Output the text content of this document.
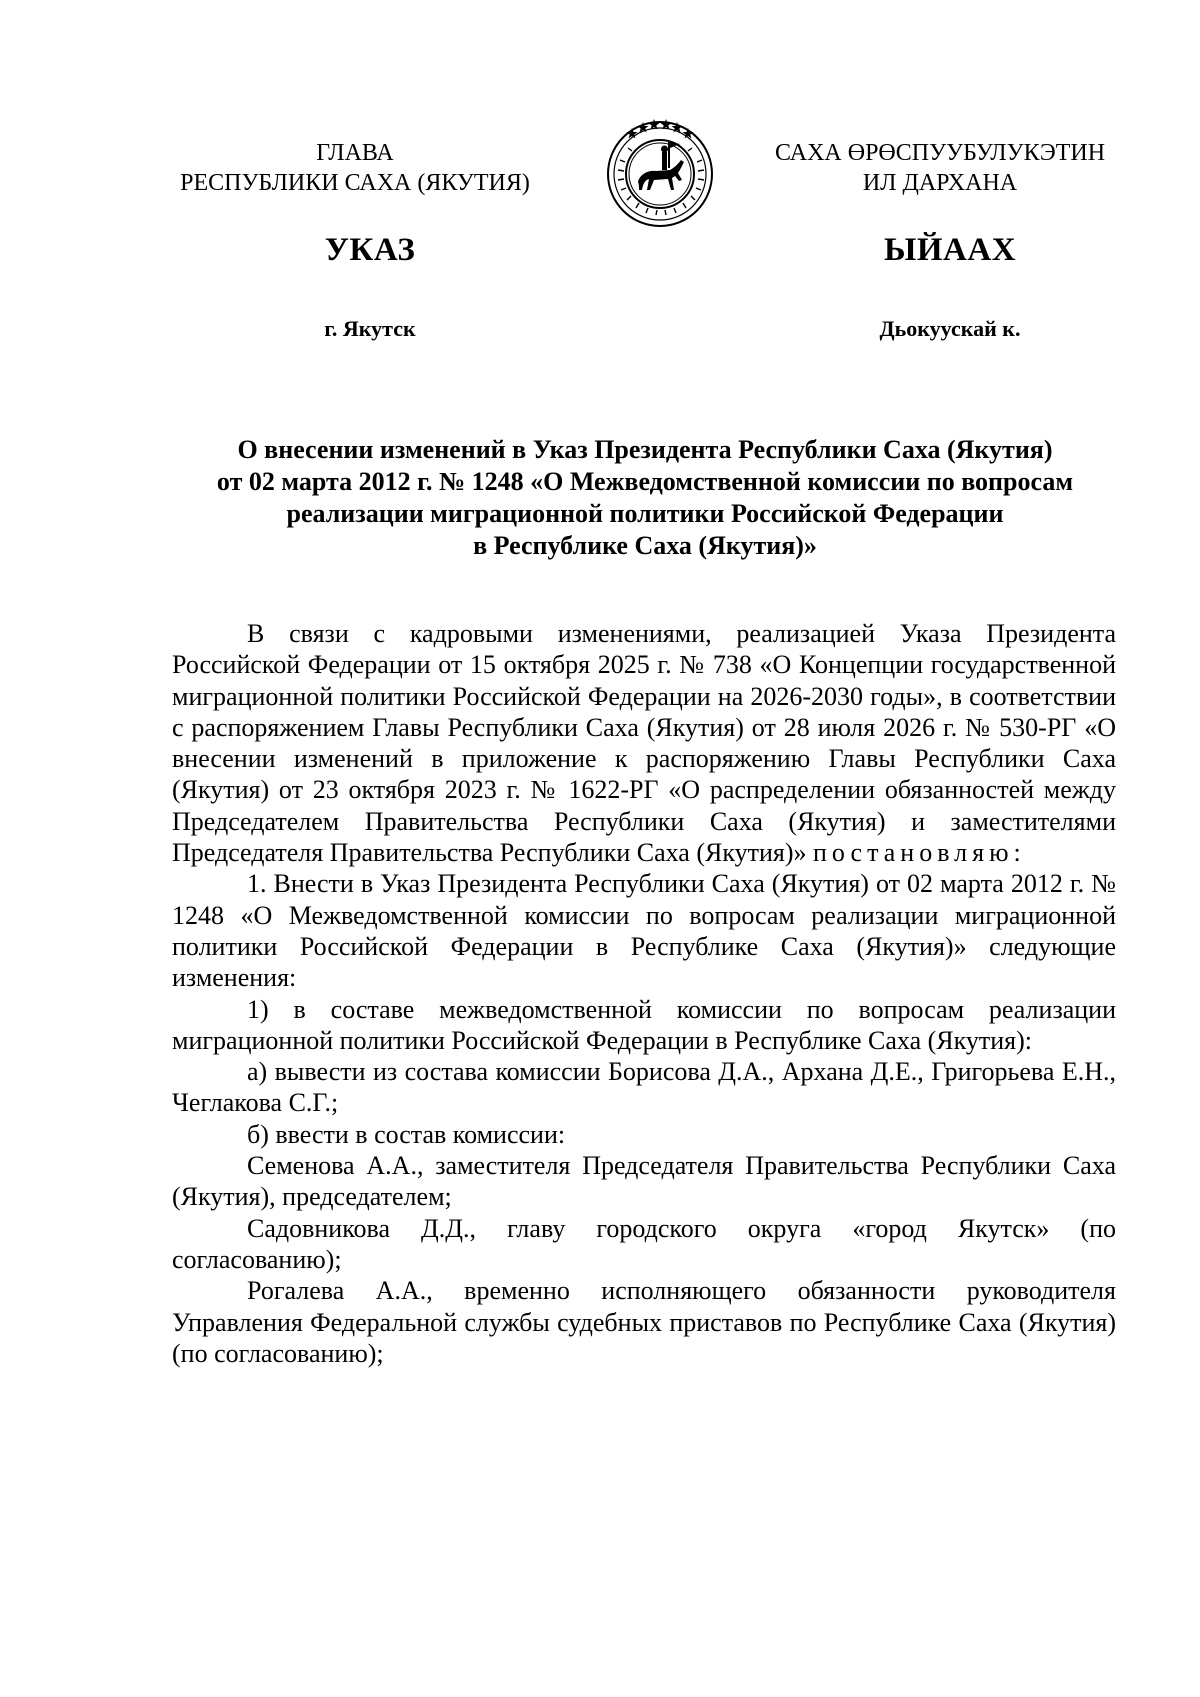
ГЛАВА
РЕСПУБЛИКИ САХА (ЯКУТИЯ)
САХА ӨРӨСПУУБУЛУКЭТИН
ИЛ ДАРХАНА
УКАЗ	ЫЙААХ
г. Якутск	Дьокуускай к.
О внесении изменений в Указ Президента Республики Саха (Якутия)
от 02 марта 2012 г. № 1248 «О Межведомственной комиссии по вопросам
реализации миграционной политики Российской Федерации
в Республике Саха (Якутия)»

В связи с кадровыми изменениями, реализацией Указа Президента Российской Федерации от 15 октября 2025 г. № 738 «О Концепции государственной миграционной политики Российской Федерации на 2026-2030 годы», в соответствии с распоряжением Главы Республики Саха (Якутия) от 28 июля 2026 г. № 530-РГ «О внесении изменений в приложение к распоряжению Главы Республики Саха (Якутия) от 23 октября 2023 г. № 1622-РГ «О распределении обязанностей между Председателем Правительства Республики Саха (Якутия) и заместителями Председателя Правительства Республики Саха (Якутия)» постановляю:

1. Внести в Указ Президента Республики Саха (Якутия) от 02 марта 2012 г. № 1248 «О Межведомственной комиссии по вопросам реализации миграционной политики Российской Федерации в Республике Саха (Якутия)» следующие изменения:

1) в составе межведомственной комиссии по вопросам реализации миграционной политики Российской Федерации в Республике Саха (Якутия):

а) вывести из состава комиссии Борисова Д.А., Архана Д.Е., Григорьева Е.Н., Чеглакова С.Г.;

б) ввести в состав комиссии:

Семенова А.А., заместителя Председателя Правительства Республики Саха (Якутия), председателем;

Садовникова Д.Д., главу городского округа «город Якутск» (по согласованию);

Рогалева А.А., временно исполняющего обязанности руководителя Управления Федеральной службы судебных приставов по Республике Саха (Якутия) (по согласованию);
